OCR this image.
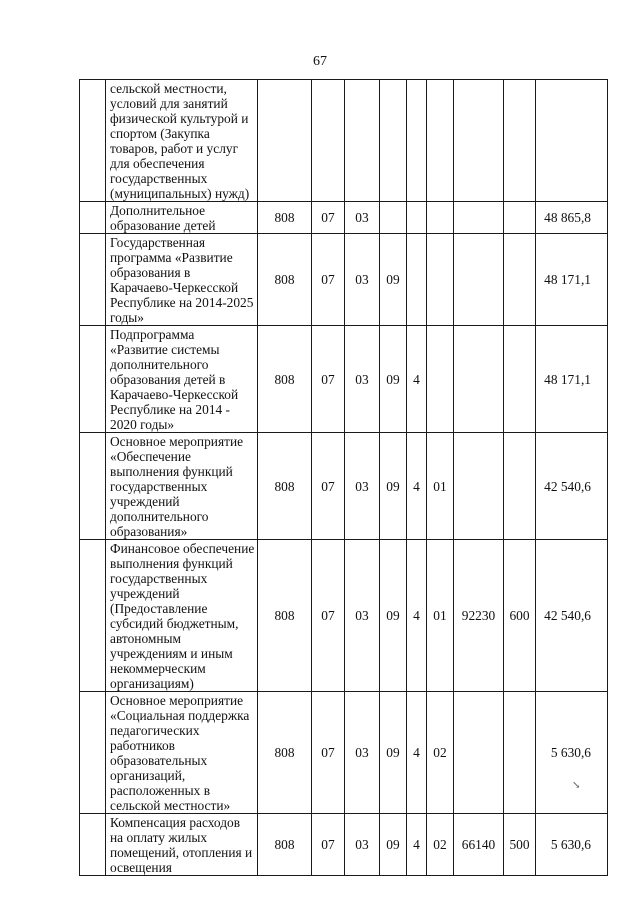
67
	сельской местности, условий для занятий физической культурой и спортом (Закупка товаров, работ и услуг для обеспечения государственных (муниципальных) нужд)									
	Дополнительное образование детей	808	07	03						48 865,8
	Государственная программа «Развитие образования в Карачаево-Черкесской Республике на 2014-2025 годы»	808	07	03	09					48 171,1
	Подпрограмма «Развитие системы дополнительного образования детей в Карачаево-Черкесской Республике на 2014 - 2020 годы»	808	07	03	09	4				48 171,1
	Основное мероприятие «Обеспечение выполнения функций государственных учреждений дополнительного образования»	808	07	03	09	4	01			42 540,6
	Финансовое обеспечение выполнения функций государственных учреждений (Предоставление субсидий бюджетным, автономным учреждениям и иным некоммерческим организациям)	808	07	03	09	4	01	92230	600	42 540,6
	Основное мероприятие «Социальная поддержка педагогических работников образовательных организаций, расположенных в сельской местности»	808	07	03	09	4	02			5 630,6
	Компенсация расходов на оплату жилых помещений, отопления и освещения	808	07	03	09	4	02	66140	500	5 630,6
↘
